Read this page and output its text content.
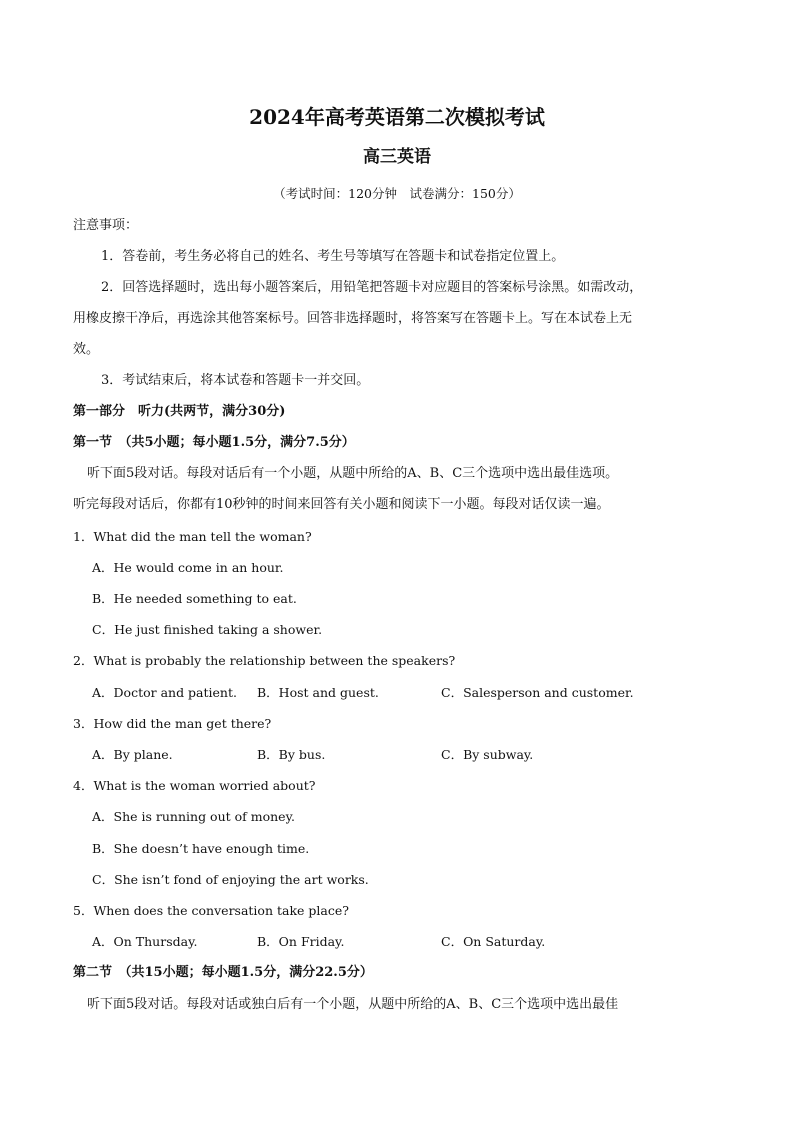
2024年高考英语第二次模拟考试
高三英语
（考试时间：120分钟　试卷满分：150分）
注意事项：
1．答卷前，考生务必将自己的姓名、考生号等填写在答题卡和试卷指定位置上。
2．回答选择题时，选出每小题答案后，用铅笔把答题卡对应题目的答案标号涂黑。如需改动，
用橡皮擦干净后，再选涂其他答案标号。回答非选择题时，将答案写在答题卡上。写在本试卷上无
效。
3．考试结束后，将本试卷和答题卡一并交回。
第一部分　听力(共两节，满分30分)
第一节　（共5小题；每小题1.5分，满分7.5分）
听下面5段对话。每段对话后有一个小题，从题中所给的A、B、C三个选项中选出最佳选项。
听完每段对话后，你都有10秒钟的时间来回答有关小题和阅读下一小题。每段对话仅读一遍。
1．What did the man tell the woman?
A．He would come in an hour.
B．He needed something to eat.
C．He just finished taking a shower.
2．What is probably the relationship between the speakers?
A．Doctor and patient. B．Host and guest.	C．Salesperson and customer.
3．How did the man get there?
A．By plane.	B．By bus.	C．By subway.
4．What is the woman worried about?
A．She is running out of money.
B．She doesn’t have enough time.
C．She isn’t fond of enjoying the art works.
5．When does the conversation take place?
A．On Thursday.	B．On Friday.	C．On Saturday.
第二节　（共15小题；每小题1.5分，满分22.5分）
听下面5段对话。每段对话或独白后有一个小题，从题中所给的A、B、C三个选项中选出最佳
